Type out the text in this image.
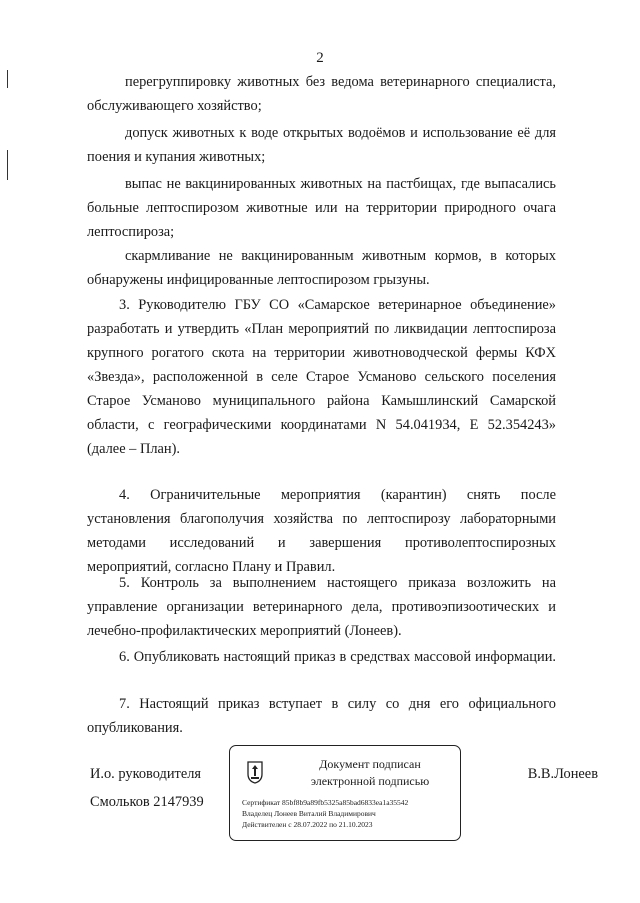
2

перегруппировку животных без ведома ветеринарного специалиста, обслуживающего хозяйство;

допуск животных к воде открытых водоёмов и использование её для поения и купания животных;

выпас не вакцинированных животных на пастбищах, где выпасались больные лептоспирозом животные или на территории природного очага лептоспироза;

скармливание не вакцинированным животным кормов, в которых обнаружены инфицированные лептоспирозом грызуны.

3. Руководителю ГБУ СО «Самарское ветеринарное объединение» разработать и утвердить «План мероприятий по ликвидации лептоспироза крупного рогатого скота на территории животноводческой фермы КФХ «Звезда», расположенной в селе Старое Усманово сельского поселения Старое Усманово муниципального района Камышлинский Самарской области, с географическими координатами N 54.041934, E 52.354243» (далее – План).

4. Ограничительные мероприятия (карантин) снять после установления благополучия хозяйства по лептоспирозу лабораторными методами исследований и завершения противолептоспирозных мероприятий, согласно Плану и Правил.

5. Контроль за выполнением настоящего приказа возложить на управление организации ветеринарного дела, противоэпизоотических и лечебно-профилактических мероприятий (Лонеев).

6. Опубликовать настоящий приказ в средствах массовой информации.

7. Настоящий приказ вступает в силу со дня его официального опубликования.

И.о. руководителя
Смольков 2147939
В.В.Лонеев
Документ подписан
электронной подписью
Сертификат 85bf8b9a89fb5325a85bad6833ea1a35542
Владелец Лонеев Виталий Владимирович
Действителен с 28.07.2022 по 21.10.2023
